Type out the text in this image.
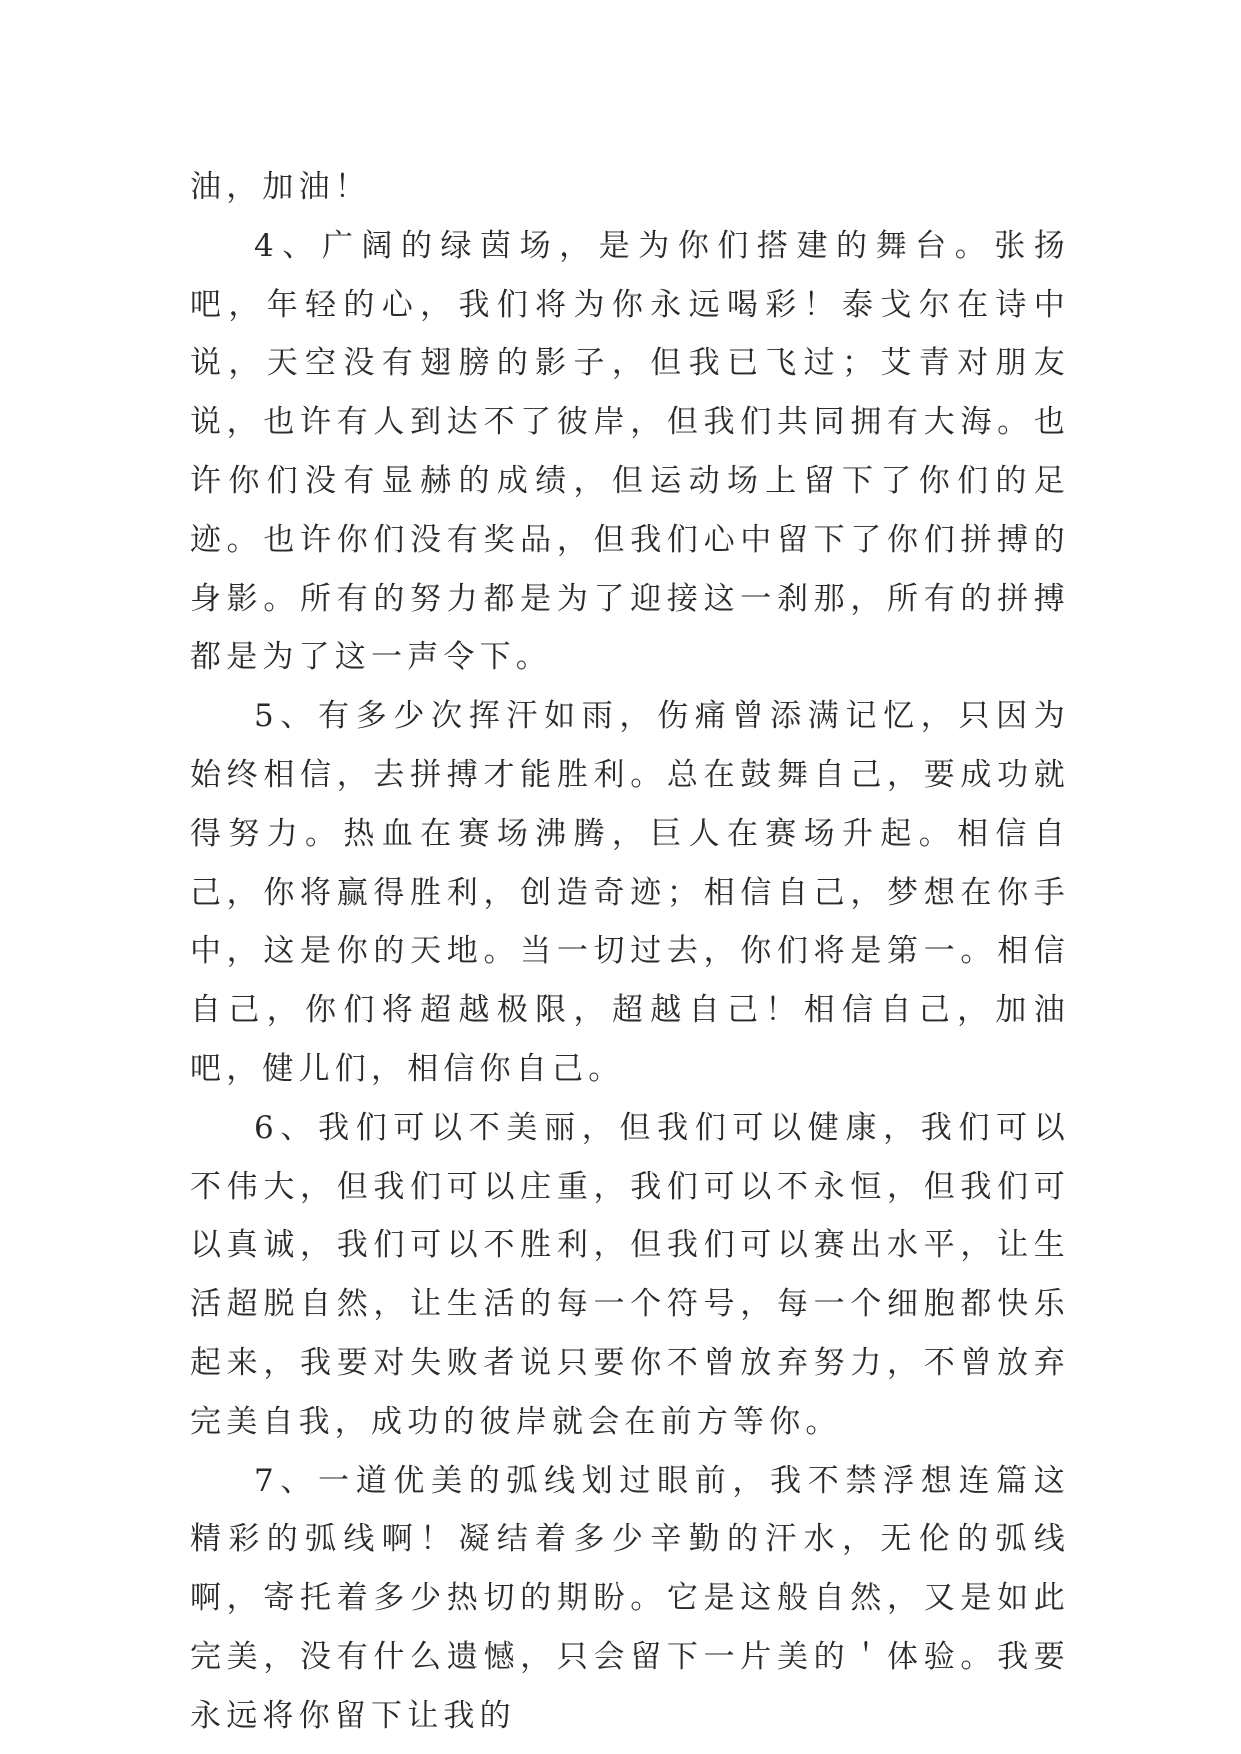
油，加油！

4、广阔的绿茵场，是为你们搭建的舞台。张扬吧，年轻的心，我们将为你永远喝彩！泰戈尔在诗中说，天空没有翅膀的影子，但我已飞过；艾青对朋友说，也许有人到达不了彼岸，但我们共同拥有大海。也许你们没有显赫的成绩，但运动场上留下了你们的足迹。也许你们没有奖品，但我们心中留下了你们拼搏的身影。所有的努力都是为了迎接这一刹那，所有的拼搏都是为了这一声令下。

5、有多少次挥汗如雨，伤痛曾添满记忆，只因为始终相信，去拼搏才能胜利。总在鼓舞自己，要成功就得努力。热血在赛场沸腾，巨人在赛场升起。相信自己，你将赢得胜利，创造奇迹；相信自己，梦想在你手中，这是你的天地。当一切过去，你们将是第一。相信自己，你们将超越极限，超越自己！相信自己，加油吧，健儿们，相信你自己。

6、我们可以不美丽，但我们可以健康，我们可以不伟大，但我们可以庄重，我们可以不永恒，但我们可以真诚，我们可以不胜利，但我们可以赛出水平，让生活超脱自然，让生活的每一个符号，每一个细胞都快乐起来，我要对失败者说只要你不曾放弃努力，不曾放弃完美自我，成功的彼岸就会在前方等你。

7、一道优美的弧线划过眼前，我不禁浮想连篇这精彩的弧线啊！凝结着多少辛勤的汗水，无伦的弧线啊，寄托着多少热切的期盼。它是这般自然，又是如此完美，没有什么遗憾，只会留下一片美的＇体验。我要永远将你留下让我的
